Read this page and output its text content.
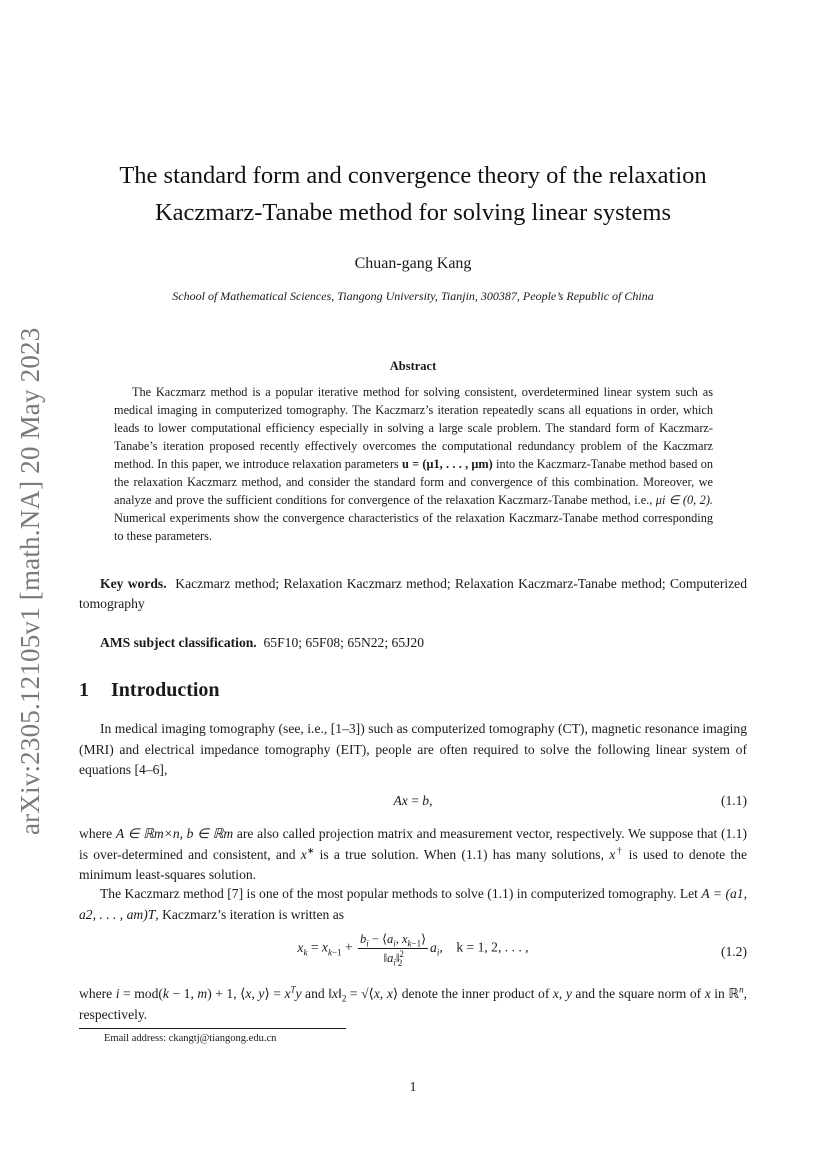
arXiv:2305.12105v1 [math.NA] 20 May 2023
The standard form and convergence theory of the relaxation
Kaczmarz-Tanabe method for solving linear systems
Chuan-gang Kang
School of Mathematical Sciences, Tiangong University, Tianjin, 300387, People’s Republic of China
Abstract
The Kaczmarz method is a popular iterative method for solving consistent, overdetermined linear system such as medical imaging in computerized tomography. The Kaczmarz’s iteration repeatedly scans all equations in order, which leads to lower computational efficiency especially in solving a large scale problem. The standard form of Kaczmarz-Tanabe’s iteration proposed recently effectively overcomes the computational redundancy problem of the Kaczmarz method. In this paper, we introduce relaxation parameters u = (μ1, . . . , μm) into the Kaczmarz-Tanabe method based on the relaxation Kaczmarz method, and consider the standard form and convergence of this combination. Moreover, we analyze and prove the sufficient conditions for convergence of the relaxation Kaczmarz-Tanabe method, i.e., μi ∈ (0, 2). Numerical experiments show the convergence characteristics of the relaxation Kaczmarz-Tanabe method corresponding to these parameters.
Key words. Kaczmarz method; Relaxation Kaczmarz method; Relaxation Kaczmarz-Tanabe method; Computerized tomography
AMS subject classification. 65F10; 65F08; 65N22; 65J20
1 Introduction
In medical imaging tomography (see, i.e., [1–3]) such as computerized tomography (CT), magnetic resonance imaging (MRI) and electrical impedance tomography (EIT), people are often required to solve the following linear system of equations [4–6],
Ax = b,	(1.1)
where A ∈ ℝm×n, b ∈ ℝm are also called projection matrix and measurement vector, respectively. We suppose that (1.1) is over-determined and consistent, and x∗ is a true solution. When (1.1) has many solutions, x† is used to denote the minimum least-squares solution.
The Kaczmarz method [7] is one of the most popular methods to solve (1.1) in computerized tomography. Let A = (a1, a2, . . . , am)T, Kaczmarz’s iteration is written as
$x_k = x_{k-1} + \frac{b_i - ⟨a_i, x_{k-1}⟩}{‖a_i‖^2_2} a_i$,    k = 1, 2, . . . ,	(1.2)
where i = mod(k − 1, m) + 1, ⟨x, y⟩ = $x^Ty$ and $‖x‖_2$ = √⟨x, x⟩ denote the inner product of x, y and the square norm of x in ℝ$^n$, respectively.
Email address: ckangtj@tiangong.edu.cn
1
